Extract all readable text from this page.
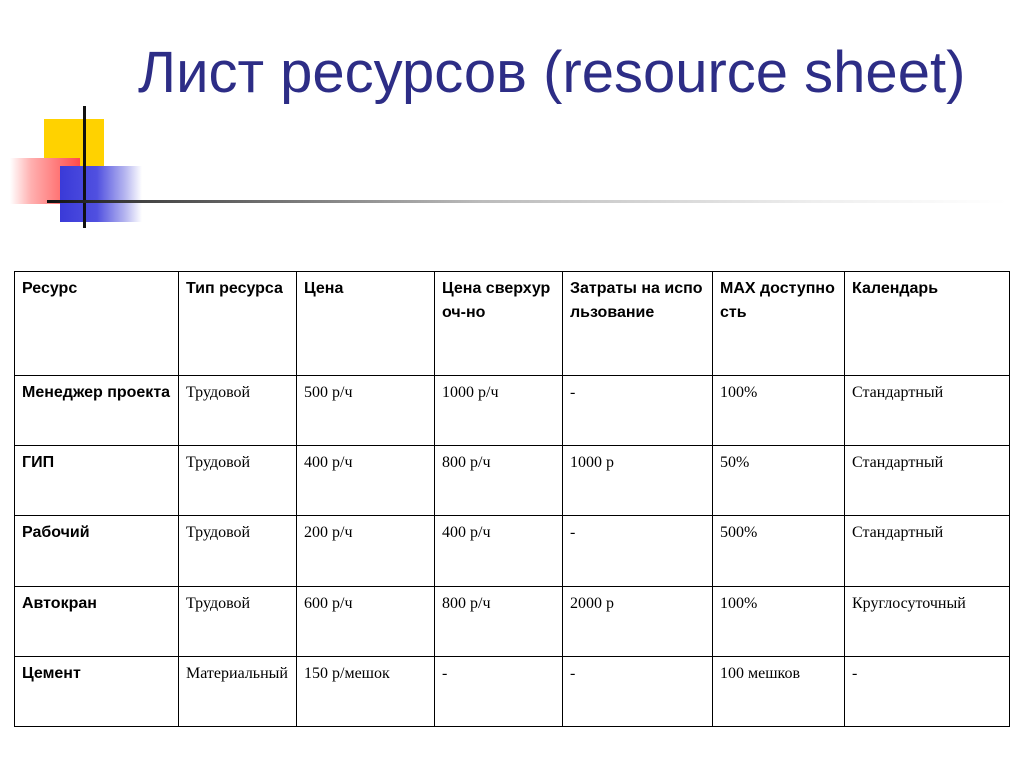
Лист ресурсов (resource sheet)
Ресурс	Тип ресурса	Цена	Цена сверхуроч-но	Затраты на использование	MAX доступность	Календарь
Менеджер проекта	Трудовой	500 р/ч	1000 р/ч	-	100%	Стандартный
ГИП	Трудовой	400 р/ч	800 р/ч	1000 р	50%	Стандартный
Рабочий	Трудовой	200 р/ч	400 р/ч	-	500%	Стандартный
Автокран	Трудовой	600 р/ч	800 р/ч	2000 р	100%	Круглосуточный
Цемент	Материальный	150 р/мешок	-	-	100 мешков	-
